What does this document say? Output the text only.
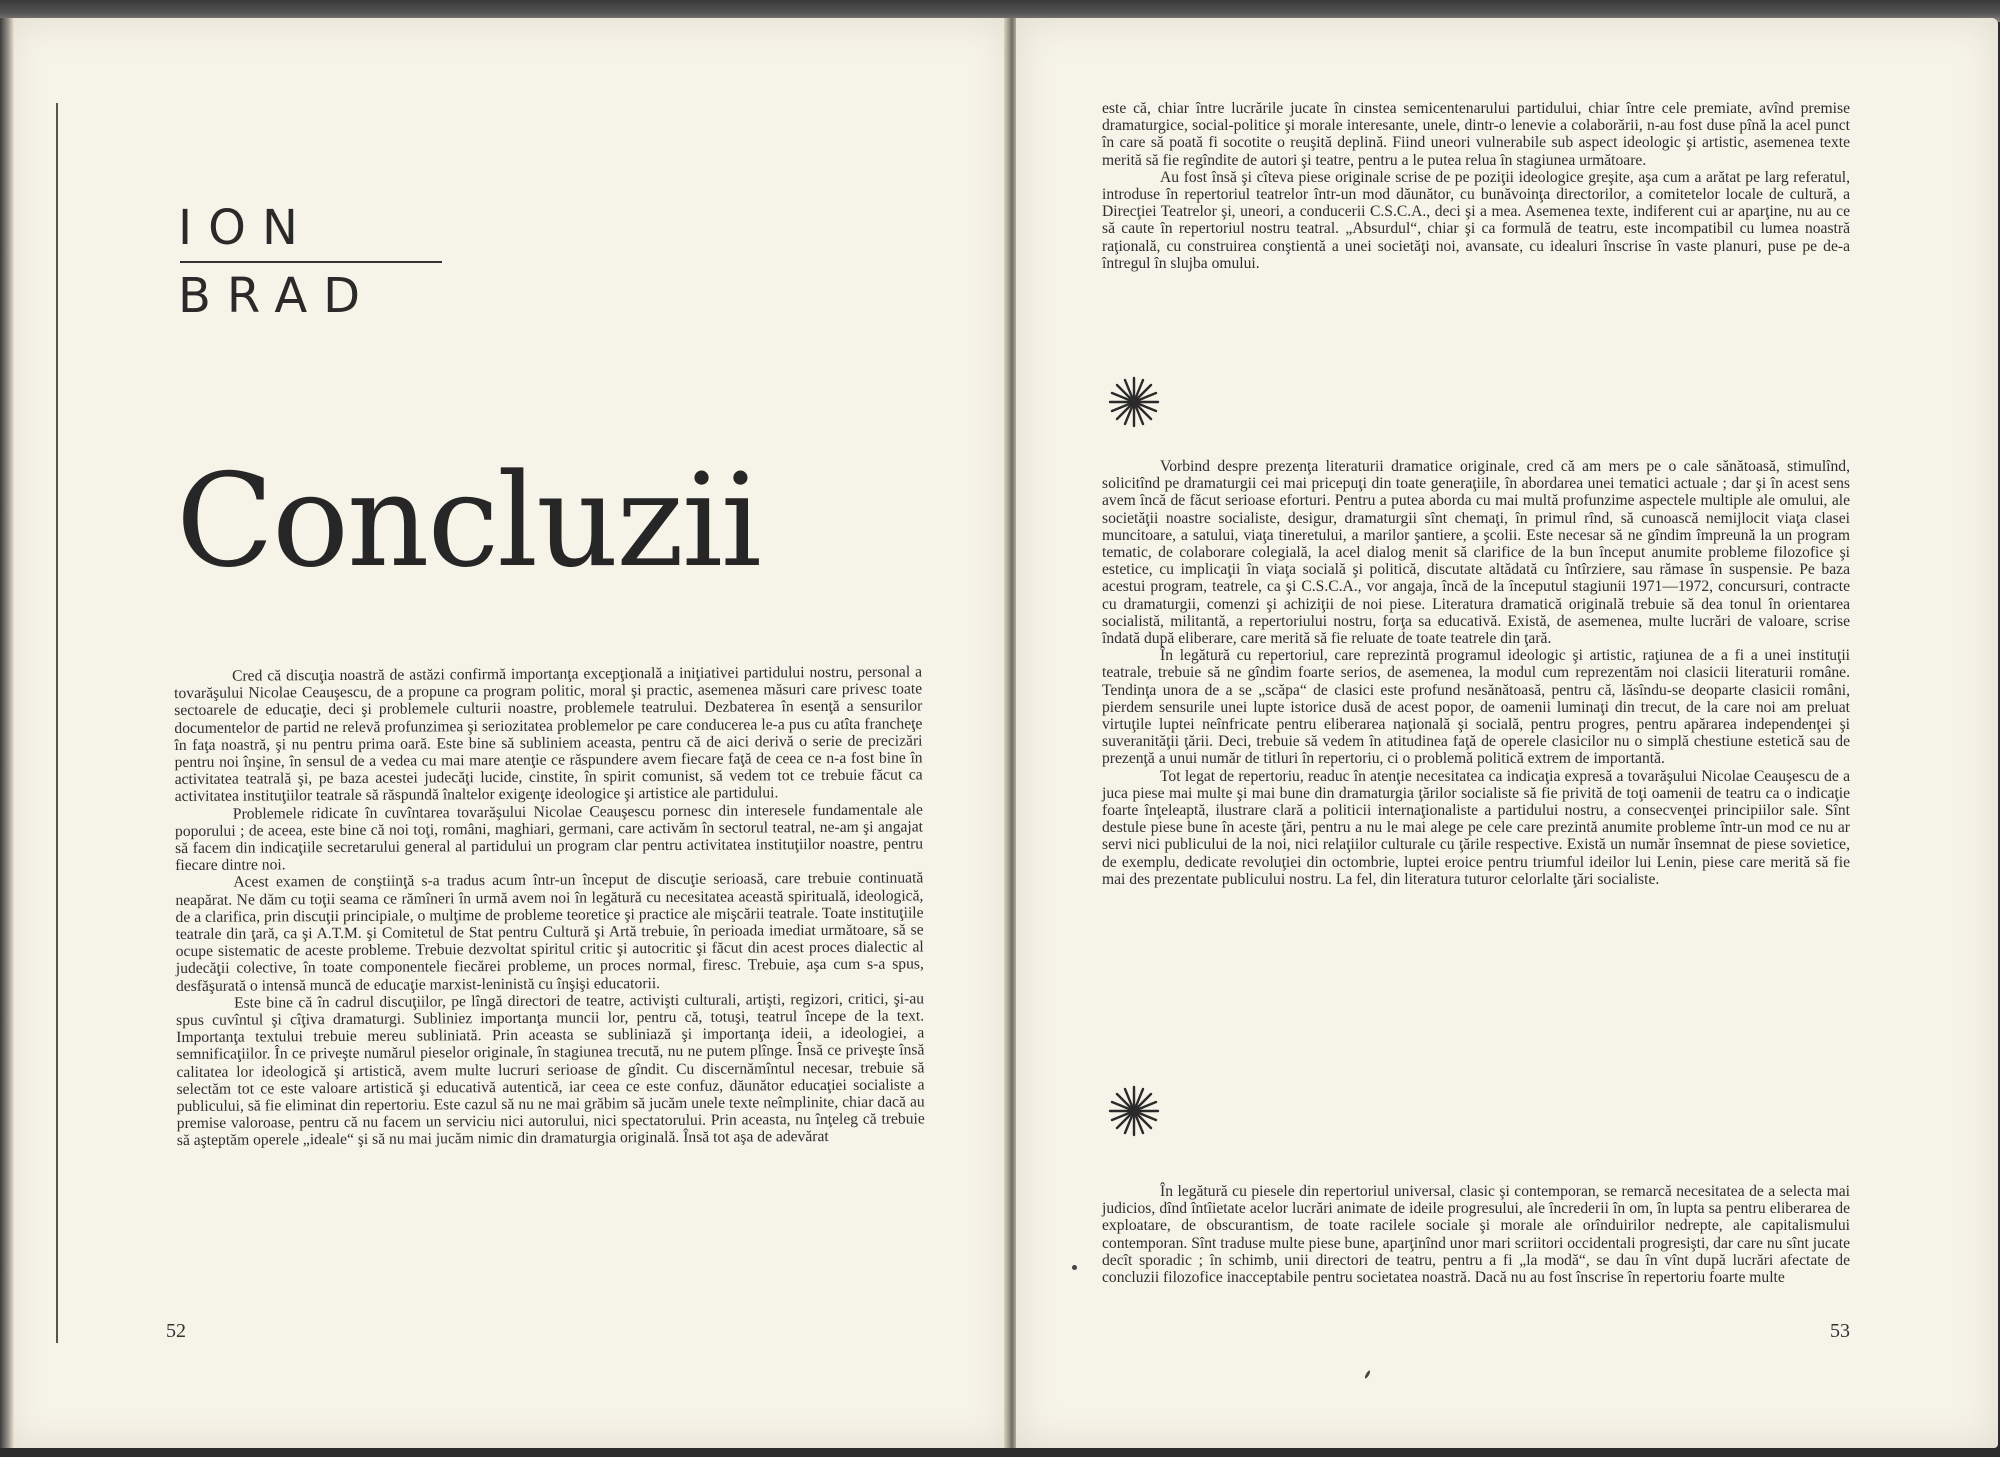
ION
BRAD
Concluzii

Cred că discuţia noastră de astăzi confirmă importanţa excepţională a iniţiativei partidului nostru, personal a tovarăşului Nicolae Ceauşescu, de a propune ca program politic, moral şi practic, asemenea măsuri care privesc toate sectoarele de educaţie, deci şi problemele culturii noastre, problemele teatrului. Dezbaterea în esenţă a sensurilor documentelor de partid ne relevă profunzimea şi seriozitatea problemelor pe care conducerea le-a pus cu atîta francheţe în faţa noastră, şi nu pentru prima oară. Este bine să subliniem aceasta, pentru că de aici derivă o serie de precizări pentru noi înşine, în sensul de a vedea cu mai mare atenţie ce răspundere avem fiecare faţă de ceea ce n-a fost bine în activitatea teatrală şi, pe baza acestei judecăţi lucide, cinstite, în spirit comunist, să vedem tot ce trebuie făcut ca activitatea instituţiilor teatrale să răspundă înaltelor exigenţe ideologice şi artistice ale partidului.

Problemele ridicate în cuvîntarea tovarăşului Nicolae Ceauşescu pornesc din interesele fundamentale ale poporului ; de aceea, este bine că noi toţi, români, maghiari, germani, care activăm în sectorul teatral, ne-am şi angajat să facem din indicaţiile secretarului general al partidului un program clar pentru activitatea instituţiilor noastre, pentru fiecare dintre noi.

Acest examen de conştiinţă s-a tradus acum într-un început de discuţie serioasă, care trebuie continuată neapărat. Ne dăm cu toţii seama ce rămîneri în urmă avem noi în legătură cu necesitatea această spirituală, ideologică, de a clarifica, prin discuţii principiale, o mulţime de probleme teoretice şi practice ale mişcării teatrale. Toate instituţiile teatrale din ţară, ca şi A.T.M. şi Comitetul de Stat pentru Cultură şi Artă trebuie, în perioada imediat următoare, să se ocupe sistematic de aceste probleme. Trebuie dezvoltat spiritul critic şi autocritic şi făcut din acest proces dialectic al judecăţii colective, în toate componentele fiecărei probleme, un proces normal, firesc. Trebuie, aşa cum s-a spus, desfăşurată o intensă muncă de educaţie marxist-leninistă cu înşişi educatorii.

Este bine că în cadrul discuţiilor, pe lîngă directori de teatre, activişti culturali, artişti, regizori, critici, şi-au spus cuvîntul şi cîţiva dramaturgi. Subliniez importanţa muncii lor, pentru că, totuşi, teatrul începe de la text. Importanţa textului trebuie mereu subliniată. Prin aceasta se subliniază şi importanţa ideii, a ideologiei, a semnificaţiilor. În ce priveşte numărul pieselor originale, în stagiunea trecută, nu ne putem plînge. Însă ce priveşte însă calitatea lor ideologică şi artistică, avem multe lucruri serioase de gîndit. Cu discernămîntul necesar, trebuie să selectăm tot ce este valoare artistică şi educativă autentică, iar ceea ce este confuz, dăunător educaţiei socialiste a publicului, să fie eliminat din repertoriu. Este cazul să nu ne mai grăbim să jucăm unele texte neîmplinite, chiar dacă au premise valoroase, pentru că nu facem un serviciu nici autorului, nici spectatorului. Prin aceasta, nu înţeleg că trebuie să aşteptăm operele „ideale“ şi să nu mai jucăm nimic din dramaturgia originală. Însă tot aşa de adevărat

52

este că, chiar între lucrările jucate în cinstea semicentenarului partidului, chiar între cele premiate, avînd premise dramaturgice, social-politice şi morale interesante, unele, dintr-o lenevie a colaborării, n-au fost duse pînă la acel punct în care să poată fi socotite o reuşită deplină. Fiind uneori vulnerabile sub aspect ideologic şi artistic, asemenea texte merită să fie regîndite de autori şi teatre, pentru a le putea relua în stagiunea următoare.

Au fost însă şi cîteva piese originale scrise de pe poziţii ideologice greşite, aşa cum a arătat pe larg referatul, introduse în repertoriul teatrelor într-un mod dăunător, cu bunăvoinţa directorilor, a comitetelor locale de cultură, a Direcţiei Teatrelor şi, uneori, a conducerii C.S.C.A., deci şi a mea. Asemenea texte, indiferent cui ar aparţine, nu au ce să caute în repertoriul nostru teatral. „Absurdul“, chiar şi ca formulă de teatru, este incompatibil cu lumea noastră raţională, cu construirea conştientă a unei societăţi noi, avansate, cu idealuri înscrise în vaste planuri, puse pe de-a întregul în slujba omului.

Vorbind despre prezenţa literaturii dramatice originale, cred că am mers pe o cale sănătoasă, stimulînd, solicitînd pe dramaturgii cei mai pricepuţi din toate generaţiile, în abordarea unei tematici actuale ; dar şi în acest sens avem încă de făcut serioase eforturi. Pentru a putea aborda cu mai multă profunzime aspectele multiple ale omului, ale societăţii noastre socialiste, desigur, dramaturgii sînt chemaţi, în primul rînd, să cunoască nemijlocit viaţa clasei muncitoare, a satului, viaţa tineretului, a marilor şantiere, a şcolii. Este necesar să ne gîndim împreună la un program tematic, de colaborare colegială, la acel dialog menit să clarifice de la bun început anumite probleme filozofice şi estetice, cu implicaţii în viaţa socială şi politică, discutate altădată cu întîrziere, sau rămase în suspensie. Pe baza acestui program, teatrele, ca şi C.S.C.A., vor angaja, încă de la începutul stagiunii 1971—1972, concursuri, contracte cu dramaturgii, comenzi şi achiziţii de noi piese. Literatura dramatică originală trebuie să dea tonul în orientarea socialistă, militantă, a repertoriului nostru, forţa sa educativă. Există, de asemenea, multe lucrări de valoare, scrise îndată după eliberare, care merită să fie reluate de toate teatrele din ţară.

În legătură cu repertoriul, care reprezintă programul ideologic şi artistic, raţiunea de a fi a unei instituţii teatrale, trebuie să ne gîndim foarte serios, de asemenea, la modul cum reprezentăm noi clasicii literaturii române. Tendinţa unora de a se „scăpa“ de clasici este profund nesănătoasă, pentru că, lăsîndu-se deoparte clasicii români, pierdem sensurile unei lupte istorice dusă de acest popor, de oamenii luminaţi din trecut, de la care noi am preluat virtuţile luptei neînfricate pentru eliberarea naţională şi socială, pentru progres, pentru apărarea independenţei şi suveranităţii ţării. Deci, trebuie să vedem în atitudinea faţă de operele clasicilor nu o simplă chestiune estetică sau de prezenţă a unui număr de titluri în repertoriu, ci o problemă politică extrem de importantă.

Tot legat de repertoriu, readuc în atenţie necesitatea ca indicaţia expresă a tovarăşului Nicolae Ceauşescu de a juca piese mai multe şi mai bune din dramaturgia ţărilor socialiste să fie privită de toţi oamenii de teatru ca o indicaţie foarte înţeleaptă, ilustrare clară a politicii internaţionaliste a partidului nostru, a consecvenţei principiilor sale. Sînt destule piese bune în aceste ţări, pentru a nu le mai alege pe cele care prezintă anumite probleme într-un mod ce nu ar servi nici publicului de la noi, nici relaţiilor culturale cu ţările respective. Există un număr însemnat de piese sovietice, de exemplu, dedicate revoluţiei din octombrie, luptei eroice pentru triumful ideilor lui Lenin, piese care merită să fie mai des prezentate publicului nostru. La fel, din literatura tuturor celorlalte ţări socialiste.

În legătură cu piesele din repertoriul universal, clasic şi contemporan, se remarcă necesitatea de a selecta mai judicios, dînd întîietate acelor lucrări animate de ideile progresului, ale încrederii în om, în lupta sa pentru eliberarea de exploatare, de obscurantism, de toate racilele sociale şi morale ale orînduirilor nedrepte, ale capitalismului contemporan. Sînt traduse multe piese bune, aparţinînd unor mari scriitori occidentali progresişti, dar care nu sînt jucate decît sporadic ; în schimb, unii directori de teatru, pentru a fi „la modă“, se dau în vînt după lucrări afectate de concluzii filozofice inacceptabile pentru societatea noastră. Dacă nu au fost înscrise în repertoriu foarte multe

53
